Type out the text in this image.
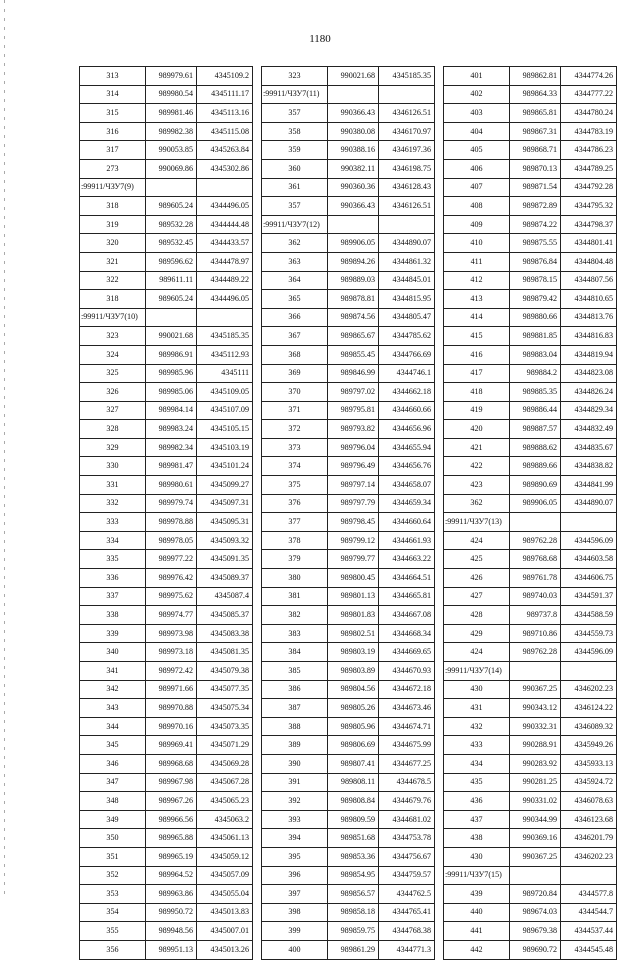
1180
313	989979.61	4345109.2
314	989980.54	4345111.17
315	989981.46	4345113.16
316	989982.38	4345115.08
317	990053.85	4345263.84
273	990069.86	4345302.86
:99911/ЧЗУ7(9)		
318	989605.24	4344496.05
319	989532.28	4344444.48
320	989532.45	4344433.57
321	989596.62	4344478.97
322	989611.11	4344489.22
318	989605.24	4344496.05
:99911/ЧЗУ7(10)		
323	990021.68	4345185.35
324	989986.91	4345112.93
325	989985.96	4345111
326	989985.06	4345109.05
327	989984.14	4345107.09
328	989983.24	4345105.15
329	989982.34	4345103.19
330	989981.47	4345101.24
331	989980.61	4345099.27
332	989979.74	4345097.31
333	989978.88	4345095.31
334	989978.05	4345093.32
335	989977.22	4345091.35
336	989976.42	4345089.37
337	989975.62	4345087.4
338	989974.77	4345085.37
339	989973.98	4345083.38
340	989973.18	4345081.35
341	989972.42	4345079.38
342	989971.66	4345077.35
343	989970.88	4345075.34
344	989970.16	4345073.35
345	989969.41	4345071.29
346	989968.68	4345069.28
347	989967.98	4345067.28
348	989967.26	4345065.23
349	989966.56	4345063.2
350	989965.88	4345061.13
351	989965.19	4345059.12
352	989964.52	4345057.09
353	989963.86	4345055.04
354	989950.72	4345013.83
355	989948.56	4345007.01
356	989951.13	4345013.26
323	990021.68	4345185.35
:99911/ЧЗУ7(11)		
357	990366.43	4346126.51
358	990380.08	4346170.97
359	990388.16	4346197.36
360	990382.11	4346198.75
361	990360.36	4346128.43
357	990366.43	4346126.51
:99911/ЧЗУ7(12)		
362	989906.05	4344890.07
363	989894.26	4344861.32
364	989889.03	4344845.01
365	989878.81	4344815.95
366	989874.56	4344805.47
367	989865.67	4344785.62
368	989855.45	4344766.69
369	989846.99	4344746.1
370	989797.02	4344662.18
371	989795.81	4344660.66
372	989793.82	4344656.96
373	989796.04	4344655.94
374	989796.49	4344656.76
375	989797.14	4344658.07
376	989797.79	4344659.34
377	989798.45	4344660.64
378	989799.12	4344661.93
379	989799.77	4344663.22
380	989800.45	4344664.51
381	989801.13	4344665.81
382	989801.83	4344667.08
383	989802.51	4344668.34
384	989803.19	4344669.65
385	989803.89	4344670.93
386	989804.56	4344672.18
387	989805.26	4344673.46
388	989805.96	4344674.71
389	989806.69	4344675.99
390	989807.41	4344677.25
391	989808.11	4344678.5
392	989808.84	4344679.76
393	989809.59	4344681.02
394	989851.68	4344753.78
395	989853.36	4344756.67
396	989854.95	4344759.57
397	989856.57	4344762.5
398	989858.18	4344765.41
399	989859.75	4344768.38
400	989861.29	4344771.3
401	989862.81	4344774.26
402	989864.33	4344777.22
403	989865.81	4344780.24
404	989867.31	4344783.19
405	989868.71	4344786.23
406	989870.13	4344789.25
407	989871.54	4344792.28
408	989872.89	4344795.32
409	989874.22	4344798.37
410	989875.55	4344801.41
411	989876.84	4344804.48
412	989878.15	4344807.56
413	989879.42	4344810.65
414	989880.66	4344813.76
415	989881.85	4344816.83
416	989883.04	4344819.94
417	989884.2	4344823.08
418	989885.35	4344826.24
419	989886.44	4344829.34
420	989887.57	4344832.49
421	989888.62	4344835.67
422	989889.66	4344838.82
423	989890.69	4344841.99
362	989906.05	4344890.07
:99911/ЧЗУ7(13)		
424	989762.28	4344596.09
425	989768.68	4344603.58
426	989761.78	4344606.75
427	989740.03	4344591.37
428	989737.8	4344588.59
429	989710.86	4344559.73
424	989762.28	4344596.09
:99911/ЧЗУ7(14)		
430	990367.25	4346202.23
431	990343.12	4346124.22
432	990332.31	4346089.32
433	990288.91	4345949.26
434	990283.92	4345933.13
435	990281.25	4345924.72
436	990331.02	4346078.63
437	990344.99	4346123.68
438	990369.16	4346201.79
430	990367.25	4346202.23
:99911/ЧЗУ7(15)		
439	989720.84	4344577.8
440	989674.03	4344544.7
441	989679.38	4344537.44
442	989690.72	4344545.48
